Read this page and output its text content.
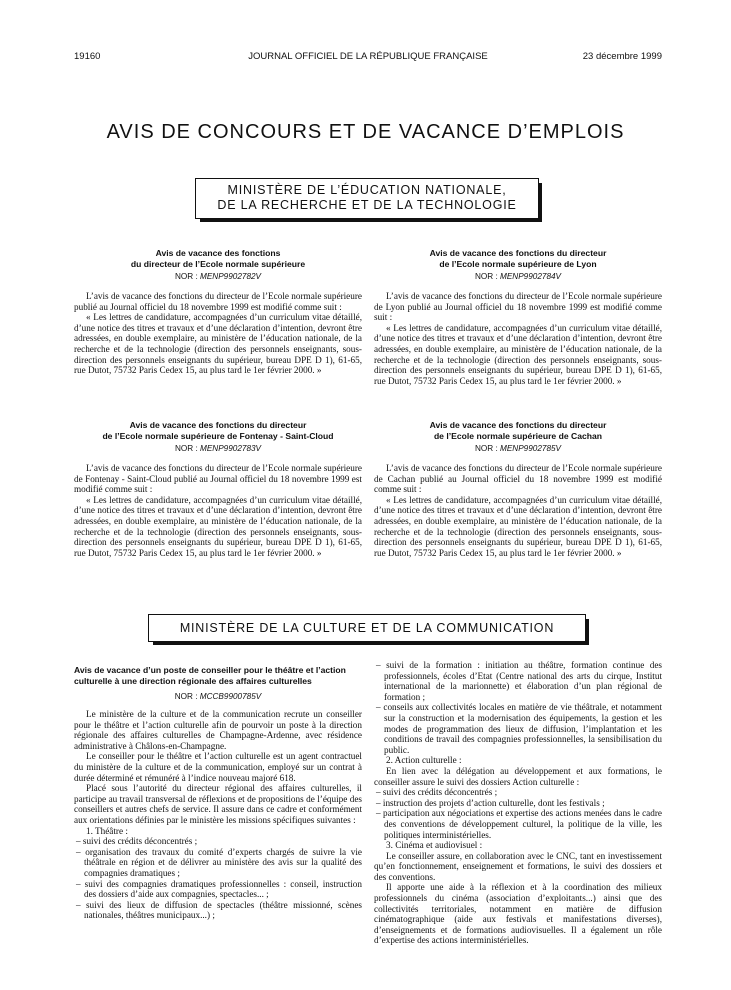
19160	JOURNAL OFFICIEL DE LA RÉPUBLIQUE FRANÇAISE	23 décembre 1999
AVIS DE CONCOURS ET DE VACANCE D’EMPLOIS
MINISTÈRE DE L’ÉDUCATION NATIONALE,
DE LA RECHERCHE ET DE LA TECHNOLOGIE
Avis de vacance des fonctions
du directeur de l’Ecole normale supérieure
NOR : MENP9902782V

L’avis de vacance des fonctions du directeur de l’Ecole normale supérieure publié au Journal officiel du 18 novembre 1999 est modifié comme suit :

« Les lettres de candidature, accompagnées d’un curriculum vitae détaillé, d’une notice des titres et travaux et d’une déclaration d’intention, devront être adressées, en double exemplaire, au ministère de l’éducation nationale, de la recherche et de la technologie (direction des personnels enseignants, sous-direction des personnels enseignants du supérieur, bureau DPE D 1), 61-65, rue Dutot, 75732 Paris Cedex 15, au plus tard le 1er février 2000. »

Avis de vacance des fonctions du directeur
de l’Ecole normale supérieure de Lyon
NOR : MENP9902784V

L’avis de vacance des fonctions du directeur de l’Ecole normale supérieure de Lyon publié au Journal officiel du 18 novembre 1999 est modifié comme suit :

« Les lettres de candidature, accompagnées d’un curriculum vitae détaillé, d’une notice des titres et travaux et d’une déclaration d’intention, devront être adressées, en double exemplaire, au ministère de l’éducation nationale, de la recherche et de la technologie (direction des personnels enseignants, sous-direction des personnels enseignants du supérieur, bureau DPE D 1), 61-65, rue Dutot, 75732 Paris Cedex 15, au plus tard le 1er février 2000. »

Avis de vacance des fonctions du directeur
de l’Ecole normale supérieure de Fontenay - Saint-Cloud
NOR : MENP9902783V

L’avis de vacance des fonctions du directeur de l’Ecole normale supérieure de Fontenay - Saint-Cloud publié au Journal officiel du 18 novembre 1999 est modifié comme suit :

« Les lettres de candidature, accompagnées d’un curriculum vitae détaillé, d’une notice des titres et travaux et d’une déclaration d’intention, devront être adressées, en double exemplaire, au ministère de l’éducation nationale, de la recherche et de la technologie (direction des personnels enseignants, sous-direction des personnels enseignants du supérieur, bureau DPE D 1), 61-65, rue Dutot, 75732 Paris Cedex 15, au plus tard le 1er février 2000. »

Avis de vacance des fonctions du directeur
de l’Ecole normale supérieure de Cachan
NOR : MENP9902785V

L’avis de vacance des fonctions du directeur de l’Ecole normale supérieure de Cachan publié au Journal officiel du 18 novembre 1999 est modifié comme suit :

« Les lettres de candidature, accompagnées d’un curriculum vitae détaillé, d’une notice des titres et travaux et d’une déclaration d’intention, devront être adressées, en double exemplaire, au ministère de l’éducation nationale, de la recherche et de la technologie (direction des personnels enseignants, sous-direction des personnels enseignants du supérieur, bureau DPE D 1), 61-65, rue Dutot, 75732 Paris Cedex 15, au plus tard le 1er février 2000. »

MINISTÈRE DE LA CULTURE ET DE LA COMMUNICATION
Avis de vacance d’un poste de conseiller pour le théâtre et l’action culturelle à une direction régionale des affaires culturelles
NOR : MCCB9900785V

Le ministère de la culture et de la communication recrute un conseiller pour le théâtre et l’action culturelle afin de pourvoir un poste à la direction régionale des affaires culturelles de Champagne-Ardenne, avec résidence administrative à Châlons-en-Champagne.

Le conseiller pour le théâtre et l’action culturelle est un agent contractuel du ministère de la culture et de la communication, employé sur un contrat à durée déterminé et rémunéré à l’indice nouveau majoré 618.

Placé sous l’autorité du directeur régional des affaires culturelles, il participe au travail transversal de réflexions et de propositions de l’équipe des conseillers et autres chefs de service. Il assure dans ce cadre et conformément aux orientations définies par le ministère les missions spécifiques suivantes :

1. Théâtre :

– suivi des crédits déconcentrés ;

– organisation des travaux du comité d’experts chargés de suivre la vie théâtrale en région et de délivrer au ministère des avis sur la qualité des compagnies dramatiques ;

– suivi des compagnies dramatiques professionnelles : conseil, instruction des dossiers d’aide aux compagnies, spectacles... ;

– suivi des lieux de diffusion de spectacles (théâtre missionné, scènes nationales, théâtres municipaux...) ;

– suivi de la formation : initiation au théâtre, formation continue des professionnels, écoles d’Etat (Centre national des arts du cirque, Institut international de la marionnette) et élaboration d’un plan régional de formation ;

– conseils aux collectivités locales en matière de vie théâtrale, et notamment sur la construction et la modernisation des équipements, la gestion et les modes de programmation des lieux de diffusion, l’implantation et les conditions de travail des compagnies professionnelles, la sensibilisation du public.

2. Action culturelle :

En lien avec la délégation au développement et aux formations, le conseiller assure le suivi des dossiers Action culturelle :

– suivi des crédits déconcentrés ;

– instruction des projets d’action culturelle, dont les festivals ;

– participation aux négociations et expertise des actions menées dans le cadre des conventions de développement culturel, la politique de la ville, les politiques interministérielles.

3. Cinéma et audiovisuel :

Le conseiller assure, en collaboration avec le CNC, tant en investissement qu’en fonctionnement, enseignement et formations, le suivi des dossiers et des conventions.

Il apporte une aide à la réflexion et à la coordination des milieux professionnels du cinéma (association d’exploitants...) ainsi que des collectivités territoriales, notamment en matière de diffusion cinématographique (aide aux festivals et manifestations diverses), d’enseignements et de formations audiovisuelles. Il a également un rôle d’expertise des actions interministérielles.
